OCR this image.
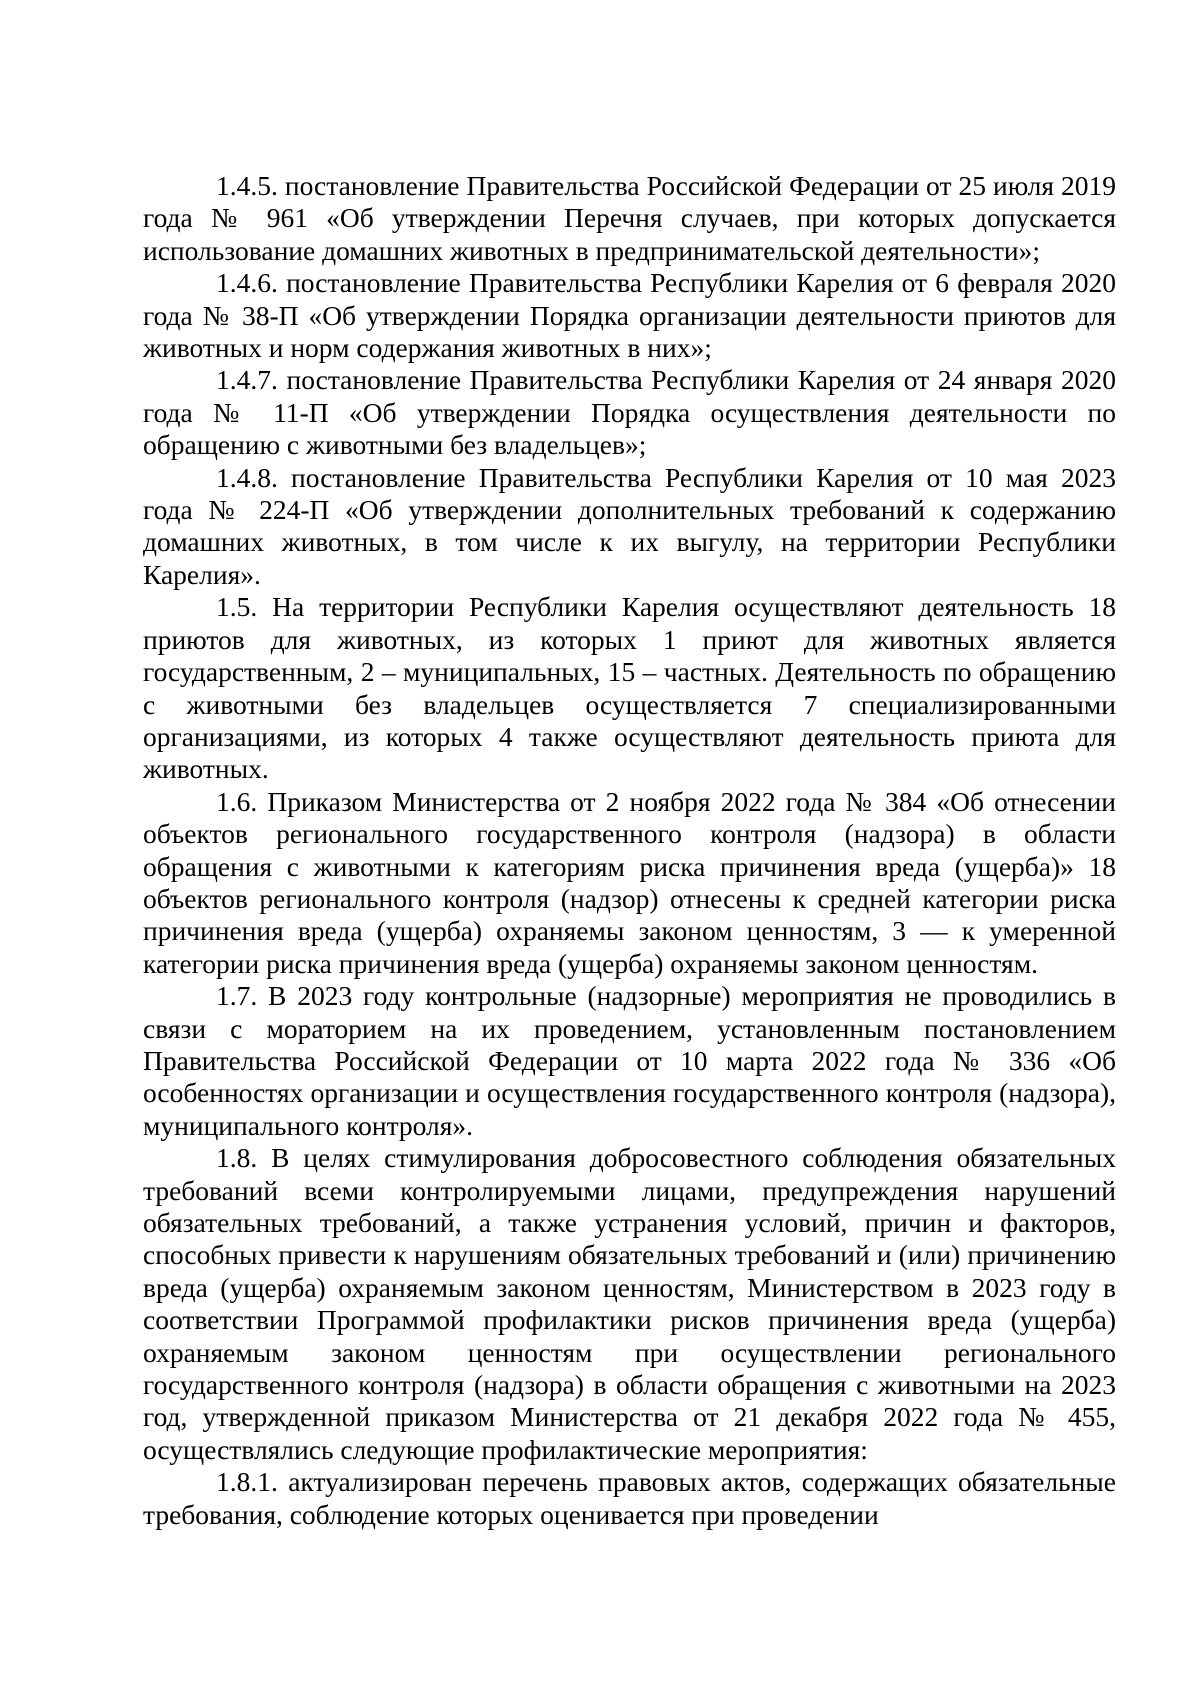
1.4.5. постановление Правительства Российской Федерации от 25 июля 2019 года № 961 «Об утверждении Перечня случаев, при которых допускается использование домашних животных в предпринимательской деятельности»;

1.4.6. постановление Правительства Республики Карелия от 6 февраля 2020 года № 38-П «Об утверждении Порядка организации деятельности приютов для животных и норм содержания животных в них»;

1.4.7. постановление Правительства Республики Карелия от 24 января 2020 года № 11-П «Об утверждении Порядка осуществления деятельности по обращению с животными без владельцев»;

1.4.8. постановление Правительства Республики Карелия от 10 мая 2023 года № 224-П «Об утверждении дополнительных требований к содержанию домашних животных, в том числе к их выгулу, на территории Республики Карелия».

1.5. На территории Республики Карелия осуществляют деятельность 18 приютов для животных, из которых 1 приют для животных является государственным, 2 – муниципальных, 15 – частных. Деятельность по обращению с животными без владельцев осуществляется 7 специализированными организациями, из которых 4 также осуществляют деятельность приюта для животных.

1.6. Приказом Министерства от 2 ноября 2022 года № 384 «Об отнесении объектов регионального государственного контроля (надзора) в области обращения с животными к категориям риска причинения вреда (ущерба)» 18 объектов регионального контроля (надзор) отнесены к средней категории риска причинения вреда (ущерба) охраняемы законом ценностям, 3 — к умеренной категории риска причинения вреда (ущерба) охраняемы законом ценностям.

1.7. В 2023 году контрольные (надзорные) мероприятия не проводились в связи с мораторием на их проведением, установленным постановлением Правительства Российской Федерации от 10 марта 2022 года № 336 «Об особенностях организации и осуществления государственного контроля (надзора), муниципального контроля».

1.8. В целях стимулирования добросовестного соблюдения обязательных требований всеми контролируемыми лицами, предупреждения нарушений обязательных требований, а также устранения условий, причин и факторов, способных привести к нарушениям обязательных требований и (или) причинению вреда (ущерба) охраняемым законом ценностям, Министерством в 2023 году в соответствии Программой профилактики рисков причинения вреда (ущерба) охраняемым законом ценностям при осуществлении регионального государственного контроля (надзора) в области обращения с животными на 2023 год, утвержденной приказом Министерства от 21 декабря 2022 года № 455, осуществлялись следующие профилактические мероприятия:

1.8.1. актуализирован перечень правовых актов, содержащих обязательные требования, соблюдение которых оценивается при проведении
